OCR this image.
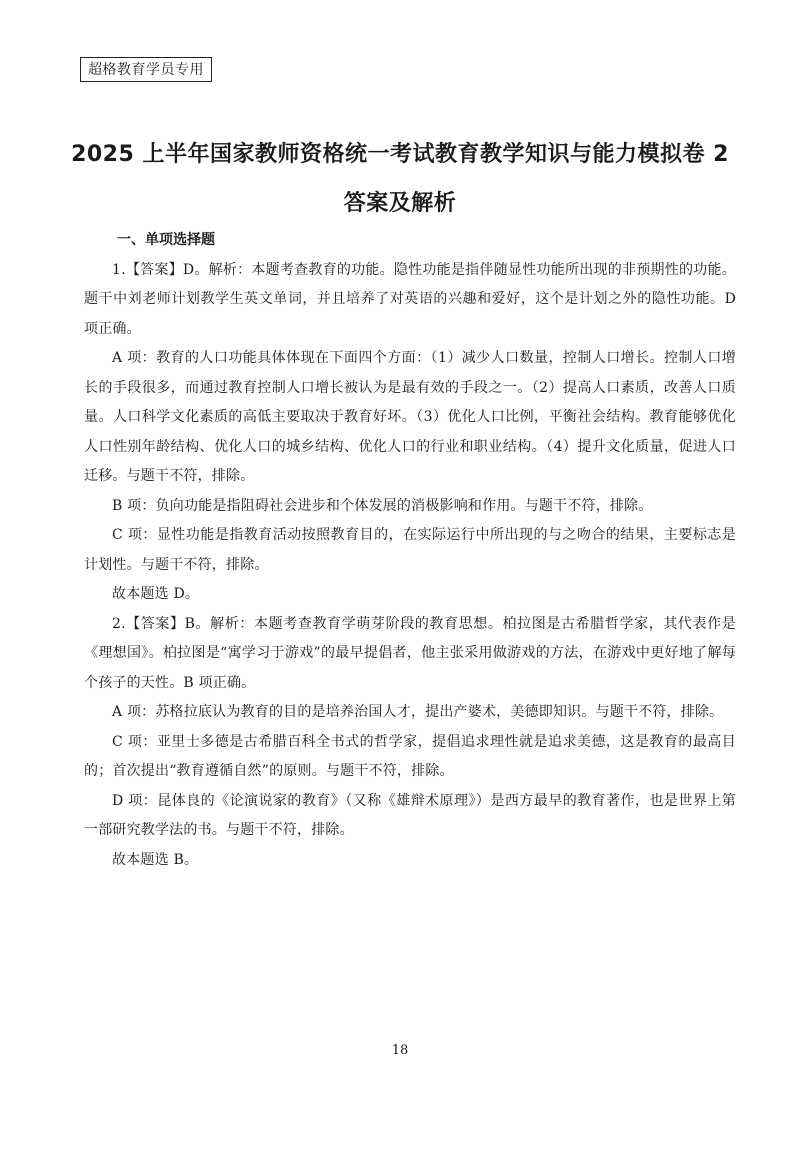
超格教育学员专用
2025 上半年国家教师资格统一考试教育教学知识与能力模拟卷 2
答案及解析

一、单项选择题

1.【答案】D。解析：本题考查教育的功能。隐性功能是指伴随显性功能所出现的非预期性的功能。题干中刘老师计划教学生英文单词，并且培养了对英语的兴趣和爱好，这个是计划之外的隐性功能。D 项正确。

A 项：教育的人口功能具体体现在下面四个方面：（1）减少人口数量，控制人口增长。控制人口增长的手段很多，而通过教育控制人口增长被认为是最有效的手段之一。（2）提高人口素质，改善人口质量。人口科学文化素质的高低主要取决于教育好坏。（3）优化人口比例，平衡社会结构。教育能够优化人口性别年龄结构、优化人口的城乡结构、优化人口的行业和职业结构。（4）提升文化质量，促进人口迁移。与题干不符，排除。

B 项：负向功能是指阻碍社会进步和个体发展的消极影响和作用。与题干不符，排除。

C 项：显性功能是指教育活动按照教育目的，在实际运行中所出现的与之吻合的结果，主要标志是计划性。与题干不符，排除。

故本题选 D。

2.【答案】B。解析：本题考查教育学萌芽阶段的教育思想。柏拉图是古希腊哲学家，其代表作是《理想国》。柏拉图是“寓学习于游戏”的最早提倡者，他主张采用做游戏的方法，在游戏中更好地了解每个孩子的天性。B 项正确。

A 项：苏格拉底认为教育的目的是培养治国人才，提出产婆术，美德即知识。与题干不符，排除。

C 项：亚里士多德是古希腊百科全书式的哲学家，提倡追求理性就是追求美德，这是教育的最高目的；首次提出“教育遵循自然”的原则。与题干不符，排除。

D 项：昆体良的《论演说家的教育》（又称《雄辩术原理》）是西方最早的教育著作，也是世界上第一部研究教学法的书。与题干不符，排除。

故本题选 B。

18
